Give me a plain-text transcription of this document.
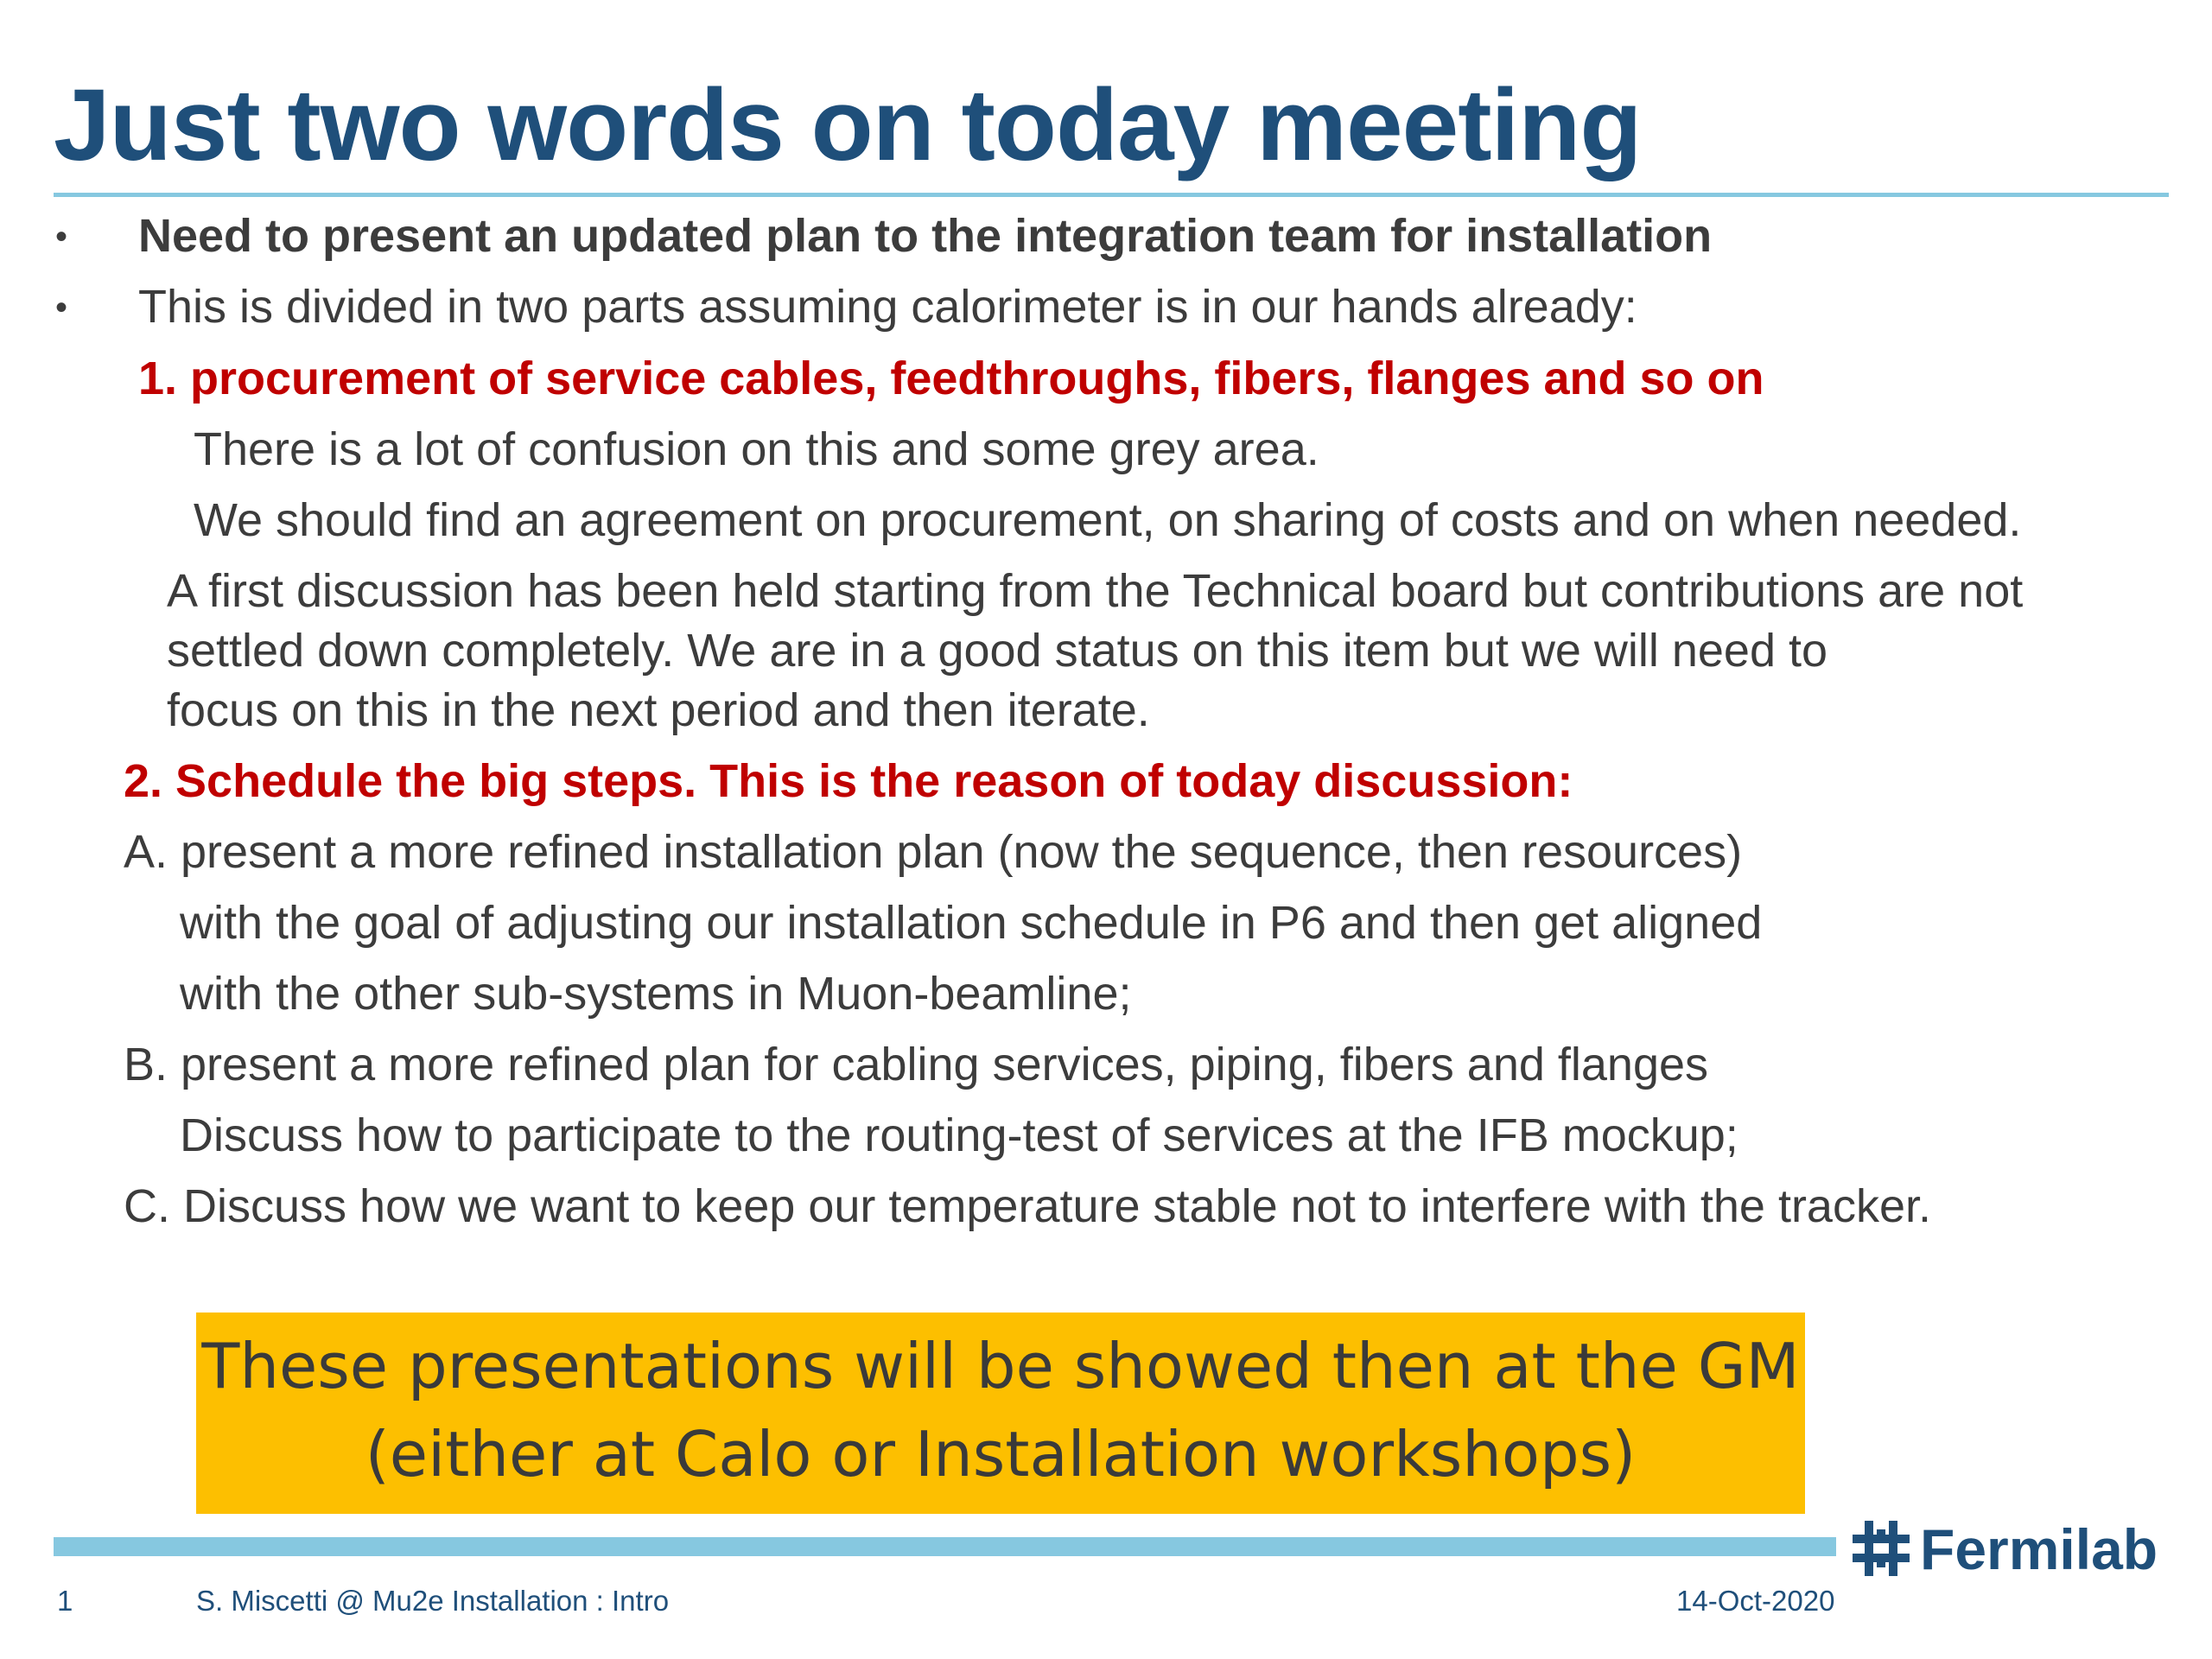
Just two words on today meeting
• Need to present an updated plan to the integration team for installation
• This is divided in two parts assuming calorimeter is in our hands already:
1. procurement of service cables, feedthroughs, fibers, flanges and so on
There is a lot of confusion on this and some grey area.
We should find an agreement on procurement, on sharing of costs and on when needed.
A first discussion has been held starting from the Technical board but contributions are not
settled down completely. We are in a good status on this item but we will need to
focus on this in the next period and then iterate.
2. Schedule the big steps. This is the reason of today discussion:
A. present a more refined installation plan (now the sequence, then resources)
with the goal of adjusting our installation schedule in P6 and then get aligned
with the other sub-systems in Muon-beamline;
B. present a more refined plan for cabling services, piping, fibers and flanges
Discuss how to participate to the routing-test of services at the IFB mockup;
C. Discuss how we want to keep our temperature stable not to interfere with the tracker.
These presentations will be showed then at the GM
(either at Calo or Installation workshops)
Fermilab
1	S. Miscetti @ Mu2e Installation : Intro	14-Oct-2020
